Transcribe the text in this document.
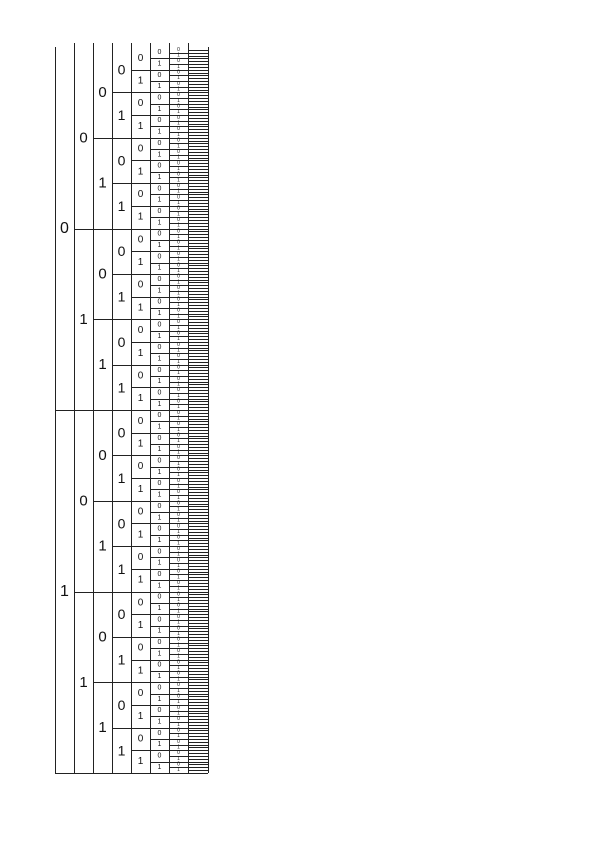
0
1
0
1
0
1
0
1
0
1
0
1
0
1
0
1
0
1
0
1
0
1
0
1
0
1
0
1
0
1
0
1
0
1
0
1
0
1
0
1
0
1
0
1
0
1
0
1
0
1
0
1
0
1
0
1
0
1
0
1
0
1
0
1
0
1
0
1
0
1
0
1
0
1
0
1
0
1
0
1
0
1
0
1
0
1
0
1
0
1
0
1
0
1
0
1
0
1
0
1
0
1
0
1
0
1
0
1
0
1
0
1
0
1
0
1
0
1
0
1
0
1
0
1
0
1
0
1
0
1
0
1
0
1
0
1
0
1
0
1
0
1
0
1
0
1
0
1
0
1
0
1
0
1
0
1
0
1
0
1
0
1
0
1
0
1
0
1
0
1
0
1
0
1
0
1
0
1
0
1
0
1
0
1
0
1
0
1
0
1
0
1
0
1
0
1
0
1
0
1
0
1
0
1
0
1
0
1
0
1
0
1
0
1
0
1
0
1
0
1
0
1
0
1
0
1
0
1
0
1
0
1
0
1
0
1
0
1
0
1
0
1
0
1
0
1
0
1
0
1
0
1
0
1
